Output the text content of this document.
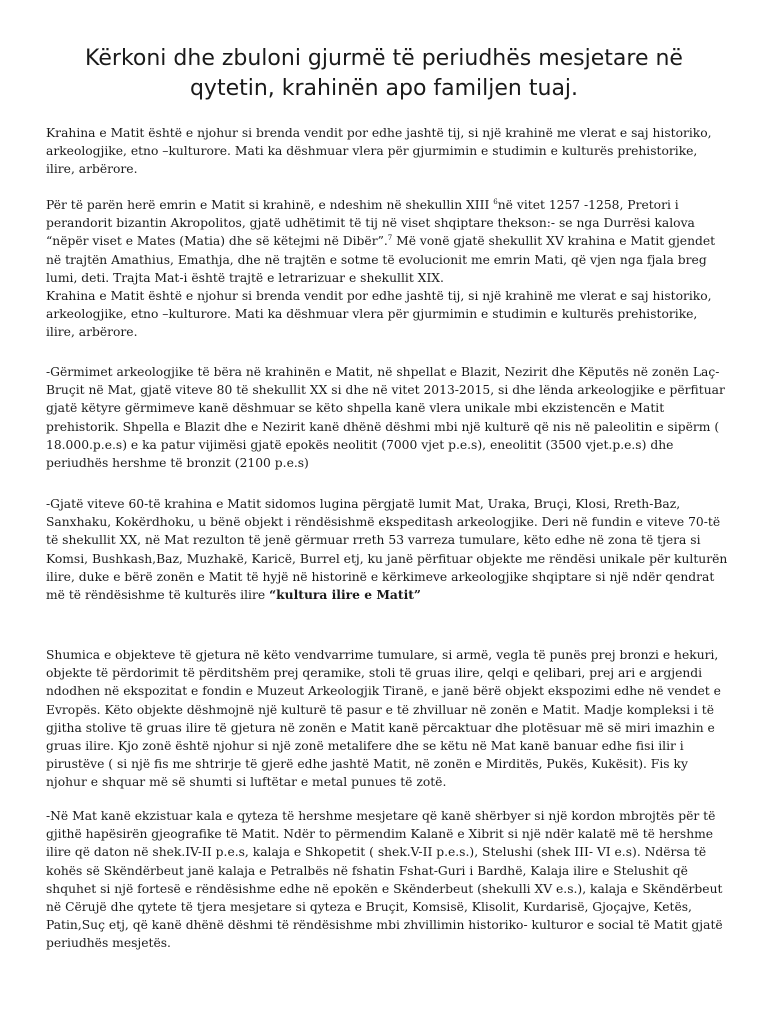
Kërkoni dhe zbuloni gjurmë të periudhës mesjetare në qytetin, krahinën apo familjen tuaj.

Krahina e Matit është e njohur si brenda vendit por edhe jashtë tij, si një krahinë me vlerat e saj historiko, arkeologjike, etno –kulturore. Mati ka dëshmuar vlera për gjurmimin e studimin e kulturës prehistorike, ilire, arbërore.

Për të parën herë emrin e Matit si krahinë, e ndeshim në shekullin XIII $^6$në vitet 1257 -1258, Pretori i perandorit bizantin Akropolitos, gjatë udhëtimit të tij në viset shqiptare thekson:- se nga Durrësi kalova “nëpër viset e Mates (Matia) dhe së këtejmi në Dibër”.$^7$ Më vonë gjatë shekullit XV krahina e Matit gjendet në trajtën Amathius, Emathja, dhe në trajtën e sotme të evolucionit me emrin Mati, që vjen nga fjala breg lumi, deti. Trajta Mat-i është trajtë e letrarizuar e shekullit XIX.
Krahina e Matit është e njohur si brenda vendit por edhe jashtë tij, si një krahinë me vlerat e saj historiko, arkeologjike, etno –kulturore. Mati ka dëshmuar vlera për gjurmimin e studimin e kulturës prehistorike, ilire, arbërore.

-Gërmimet arkeologjike të bëra në krahinën e Matit, në shpellat e Blazit, Nezirit dhe Këputës në zonën Laç- Bruçit në Mat, gjatë viteve 80 të shekullit XX si dhe në vitet 2013-2015, si dhe lënda arkeologjike e përfituar gjatë këtyre gërmimeve kanë dëshmuar se këto shpella kanë vlera unikale mbi ekzistencën e Matit prehistorik. Shpella e Blazit dhe e Nezirit kanë dhënë dëshmi mbi një kulturë që nis në paleolitin e sipërm ( 18.000.p.e.s) e ka patur vijimësi gjatë epokës neolitit (7000 vjet p.e.s), eneolitit (3500 vjet.p.e.s) dhe periudhës hershme të bronzit (2100 p.e.s)

-Gjatë viteve 60-të krahina e Matit sidomos lugina përgjatë lumit Mat, Uraka, Bruçi, Klosi, Rreth-Baz, Sanxhaku, Kokërdhoku, u bënë objekt i rëndësishmë ekspeditash arkeologjike. Deri në fundin e viteve 70-të të shekullit XX, në Mat rezulton të jenë gërmuar rreth 53 varreza tumulare, këto edhe në zona të tjera si Komsi, Bushkash,Baz, Muzhakë, Karicë, Burrel etj, ku janë përfituar objekte me rëndësi unikale për kulturën ilire, duke e bërë zonën e Matit të hyjë në historinë e kërkimeve arkeologjike shqiptare si një ndër qendrat më të rëndësishme të kulturës ilire “kultura ilire e Matit”

Shumica e objekteve të gjetura në këto vendvarrime tumulare, si armë, vegla të punës prej bronzi e hekuri, objekte të përdorimit të përditshëm prej qeramike, stoli të gruas ilire, qelqi e qelibari, prej ari e argjendi ndodhen në ekspozitat e fondin e Muzeut Arkeologjik Tiranë, e janë bërë objekt ekspozimi edhe në vendet e Evropës. Këto objekte dëshmojnë një kulturë të pasur e të zhvilluar në zonën e Matit. Madje kompleksi i të gjitha stolive të gruas ilire të gjetura në zonën e Matit kanë përcaktuar dhe plotësuar më së miri imazhin e gruas ilire. Kjo zonë është njohur si një zonë metalifere dhe se këtu në Mat kanë banuar edhe fisi ilir i pirustëve ( si një fis me shtrirje të gjerë edhe jashtë Matit, në zonën e Mirditës, Pukës, Kukësit). Fis ky njohur e shquar më së shumti si luftëtar e metal punues të zotë.

-Në Mat kanë ekzistuar kala e qyteza të hershme mesjetare që kanë shërbyer si një kordon mbrojtës për të gjithë hapësirën gjeografike të Matit. Ndër to përmendim Kalanë e Xibrit si një ndër kalatë më të hershme ilire që daton në shek.IV-II p.e.s, kalaja e Shkopetit ( shek.V-II p.e.s.), Stelushi (shek III- VI e.s). Ndërsa të kohës së Skëndërbeut janë kalaja e Petralbës në fshatin Fshat-Guri i Bardhë, Kalaja ilire e Stelushit që shquhet si një fortesë e rëndësishme edhe në epokën e Skënderbeut (shekulli XV e.s.), kalaja e Skëndërbeut në Cërujë dhe qytete të tjera mesjetare si qyteza e Bruçit, Komsisë, Klisolit, Kurdarisë, Gjoçajve, Ketës, Patin,Suç etj, që kanë dhënë dëshmi të rëndësishme mbi zhvillimin historiko- kulturor e social të Matit gjatë periudhës mesjetës.
